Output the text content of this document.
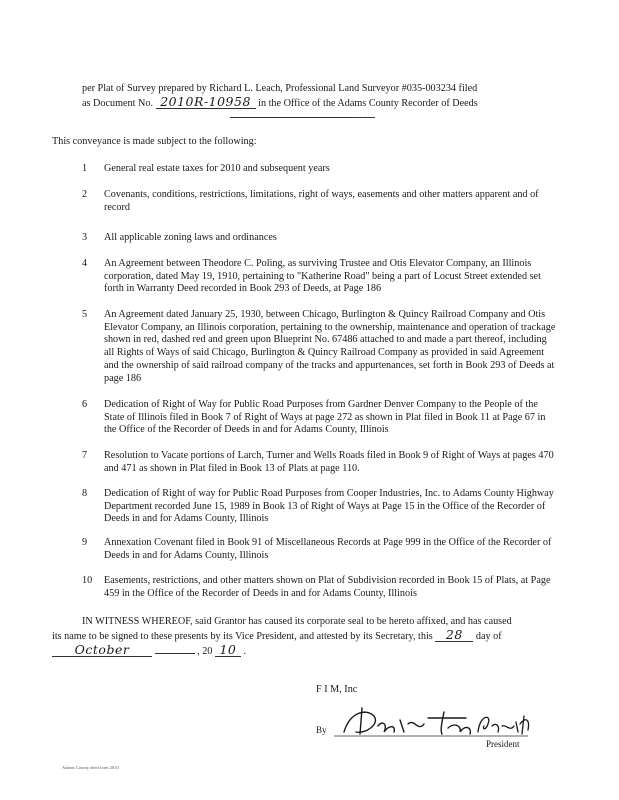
per Plat of Survey prepared by Richard L. Leach, Professional Land Surveyor #035-003234 filed
as Document No. 2010R-10958 in the Office of the Adams County Recorder of Deeds
This conveyance is made subject to the following:
1 General real estate taxes for 2010 and subsequent years
2 Covenants, conditions, restrictions, limitations, right of ways, easements and other matters apparent and of record
3 All applicable zoning laws and ordinances
4 An Agreement between Theodore C. Poling, as surviving Trustee and Otis Elevator Company, an Illinois corporation, dated May 19, 1910, pertaining to "Katherine Road" being a part of Locust Street extended set forth in Warranty Deed recorded in Book 293 of Deeds, at Page 186
5 An Agreement dated January 25, 1930, between Chicago, Burlington & Quincy Railroad Company and Otis Elevator Company, an Illinois corporation, pertaining to the ownership, maintenance and operation of trackage shown in red, dashed red and green upon Blueprint No. 67486 attached to and made a part thereof, including all Rights of Ways of said Chicago, Burlington & Quincy Railroad Company as provided in said Agreement and the ownership of said railroad company of the tracks and appurtenances, set forth in Book 293 of Deeds at page 186
6 Dedication of Right of Way for Public Road Purposes from Gardner Denver Company to the People of the State of Illinois filed in Book 7 of Right of Ways at page 272 as shown in Plat filed in Book 11 at Page 67 in the Office of the Recorder of Deeds in and for Adams County, Illinois
7 Resolution to Vacate portions of Larch, Turner and Wells Roads filed in Book 9 of Right of Ways at pages 470 and 471 as shown in Plat filed in Book 13 of Plats at page 110.
8 Dedication of Right of way for Public Road Purposes from Cooper Industries, Inc. to Adams County Highway Department recorded June 15, 1989 in Book 13 of Right of Ways at Page 15 in the Office of the Recorder of Deeds in and for Adams County, Illinois
9 Annexation Covenant filed in Book 91 of Miscellaneous Records at Page 999 in the Office of the Recorder of Deeds in and for Adams County, Illinois
10 Easements, restrictions, and other matters shown on Plat of Subdivision recorded in Book 15 of Plats, at Page 459 in the Office of the Recorder of Deeds in and for Adams County, Illinois
IN WITNESS WHEREOF, said Grantor has caused its corporate seal to be hereto affixed, and has caused
its name to be signed to these presents by its Vice President, and attested by its Secretary, this 28 day of
October	, 20 10 .
F I M, Inc
By
President
Adams County deed form 2010
